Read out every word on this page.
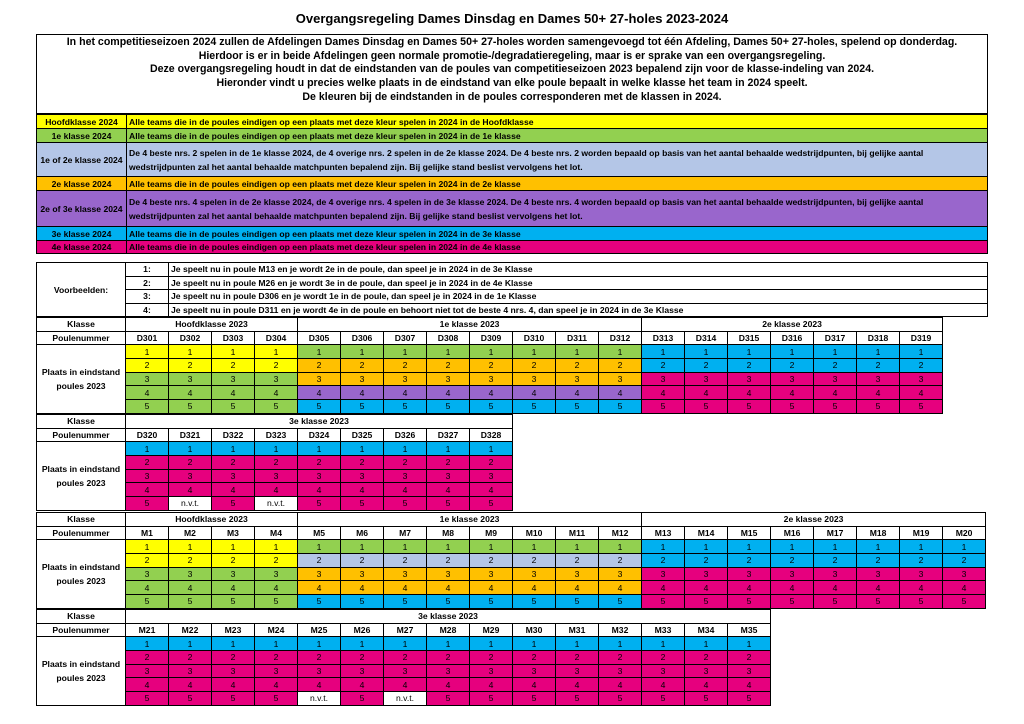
Overgangsregeling Dames Dinsdag en Dames 50+ 27-holes 2023-2024
In het competitieseizoen 2024 zullen de Afdelingen Dames Dinsdag en Dames 50+ 27-holes worden samengevoegd tot één Afdeling, Dames 50+ 27-holes, spelend op donderdag.
Hierdoor is er in beide Afdelingen geen normale promotie-/degradatieregeling, maar is er sprake van een overgangsregeling.
Deze overgangsregeling houdt in dat de eindstanden van de poules van competitieseizoen 2023 bepalend zijn voor de klasse-indeling van 2024.
Hieronder vindt u precies welke plaats in de eindstand van elke poule bepaalt in welke klasse het team in 2024 speelt.
De kleuren bij de eindstanden in de poules corresponderen met de klassen in 2024.
Hoofdklasse 2024	Alle teams die in de poules eindigen op een plaats met deze kleur spelen in 2024 in de Hoofdklasse
1e klasse 2024	Alle teams die in de poules eindigen op een plaats met deze kleur spelen in 2024 in de 1e klasse
1e of 2e klasse 2024	De 4 beste nrs. 2 spelen in de 1e klasse 2024, de 4 overige nrs. 2 spelen in de 2e klasse 2024. De 4 beste nrs. 2 worden bepaald op basis van het aantal behaalde wedstrijdpunten, bij gelijke aantal wedstrijdpunten zal het aantal behaalde matchpunten bepalend zijn. Bij gelijke stand beslist vervolgens het lot.
2e klasse 2024	Alle teams die in de poules eindigen op een plaats met deze kleur spelen in 2024 in de 2e klasse
2e of 3e klasse 2024	De 4 beste nrs. 4 spelen in de 2e klasse 2024, de 4 overige nrs. 4 spelen in de 3e klasse 2024. De 4 beste nrs. 4 worden bepaald op basis van het aantal behaalde wedstrijdpunten, bij gelijke aantal wedstrijdpunten zal het aantal behaalde matchpunten bepalend zijn. Bij gelijke stand beslist vervolgens het lot.
3e klasse 2024	Alle teams die in de poules eindigen op een plaats met deze kleur spelen in 2024 in de 3e klasse
4e klasse 2024	Alle teams die in de poules eindigen op een plaats met deze kleur spelen in 2024 in de 4e klasse
Voorbeelden:	1:	Je speelt nu in poule M13 en je wordt 2e in de poule, dan speel je in 2024 in de 3e Klasse
	2:	Je speelt nu in poule M26 en je wordt 3e in de poule, dan speel je in 2024 in de 4e Klasse
	3:	Je speelt nu in poule D306 en je wordt 1e in de poule, dan speel je in 2024 in de 1e Klasse
	4:	Je speelt nu in poule D311 en je wordt 4e in de poule en behoort niet tot de beste 4 nrs. 4, dan speel je in 2024 in de 3e Klasse
Klasse	Hoofdklasse 2023				1e klasse 2023								2e klasse 2023						
Poulenummer	D301	D302	D303	D304	D305	D306	D307	D308	D309	D310	D311	D312	D313	D314	D315	D316	D317	D318	D319
Plaats in eindstand poules 2023	1	1	1	1	1	1	1	1	1	1	1	1	1	1	1	1	1	1	1
	2	2	2	2	2	2	2	2	2	2	2	2	2	2	2	2	2	2	2
	3	3	3	3	3	3	3	3	3	3	3	3	3	3	3	3	3	3	3
	4	4	4	4	4	4	4	4	4	4	4	4	4	4	4	4	4	4	4
	5	5	5	5	5	5	5	5	5	5	5	5	5	5	5	5	5	5	5
Klasse	3e klasse 2023								
Poulenummer	D320	D321	D322	D323	D324	D325	D326	D327	D328
Plaats in eindstand poules 2023	1	1	1	1	1	1	1	1	1
	2	2	2	2	2	2	2	2	2
	3	3	3	3	3	3	3	3	3
	4	4	4	4	4	4	4	4	4
	5	n.v.t.	5	n.v.t.	5	5	5	5	5
Klasse	Hoofdklasse 2023				1e klasse 2023								2e klasse 2023							
Poulenummer	M1	M2	M3	M4	M5	M6	M7	M8	M9	M10	M11	M12	M13	M14	M15	M16	M17	M18	M19	M20
Plaats in eindstand poules 2023	1	1	1	1	1	1	1	1	1	1	1	1	1	1	1	1	1	1	1	1
	2	2	2	2	2	2	2	2	2	2	2	2	2	2	2	2	2	2	2	2
	3	3	3	3	3	3	3	3	3	3	3	3	3	3	3	3	3	3	3	3
	4	4	4	4	4	4	4	4	4	4	4	4	4	4	4	4	4	4	4	4
	5	5	5	5	5	5	5	5	5	5	5	5	5	5	5	5	5	5	5	5
Klasse	3e klasse 2023														
Poulenummer	M21	M22	M23	M24	M25	M26	M27	M28	M29	M30	M31	M32	M33	M34	M35
Plaats in eindstand poules 2023	1	1	1	1	1	1	1	1	1	1	1	1	1	1	1
	2	2	2	2	2	2	2	2	2	2	2	2	2	2	2
	3	3	3	3	3	3	3	3	3	3	3	3	3	3	3
	4	4	4	4	4	4	4	4	4	4	4	4	4	4	4
	5	5	5	5	n.v.t.	5	n.v.t.	5	5	5	5	5	5	5	5
